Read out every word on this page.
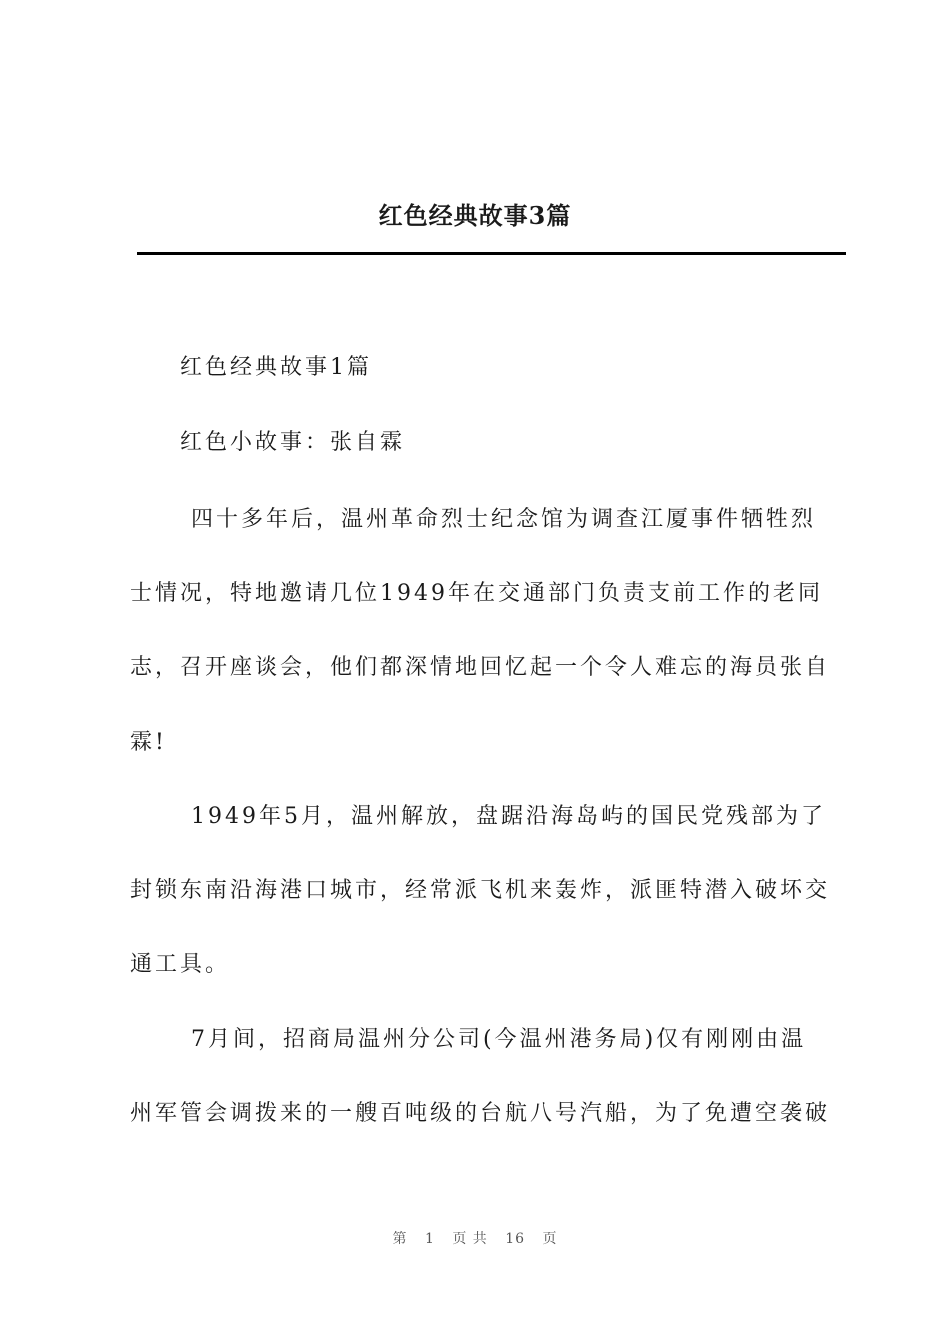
红色经典故事3篇
红色经典故事1篇
红色小故事：张自霖
四十多年后，温州革命烈士纪念馆为调查江厦事件牺牲烈
士情况，特地邀请几位1949年在交通部门负责支前工作的老同
志，召开座谈会，他们都深情地回忆起一个令人难忘的海员张自
霖!
1949年5月，温州解放，盘踞沿海岛屿的国民党残部为了
封锁东南沿海港口城市，经常派飞机来轰炸，派匪特潜入破坏交
通工具。
7月间，招商局温州分公司(今温州港务局)仅有刚刚由温
州军管会调拨来的一艘百吨级的台航八号汽船，为了免遭空袭破
第 1 页 共 16 页
